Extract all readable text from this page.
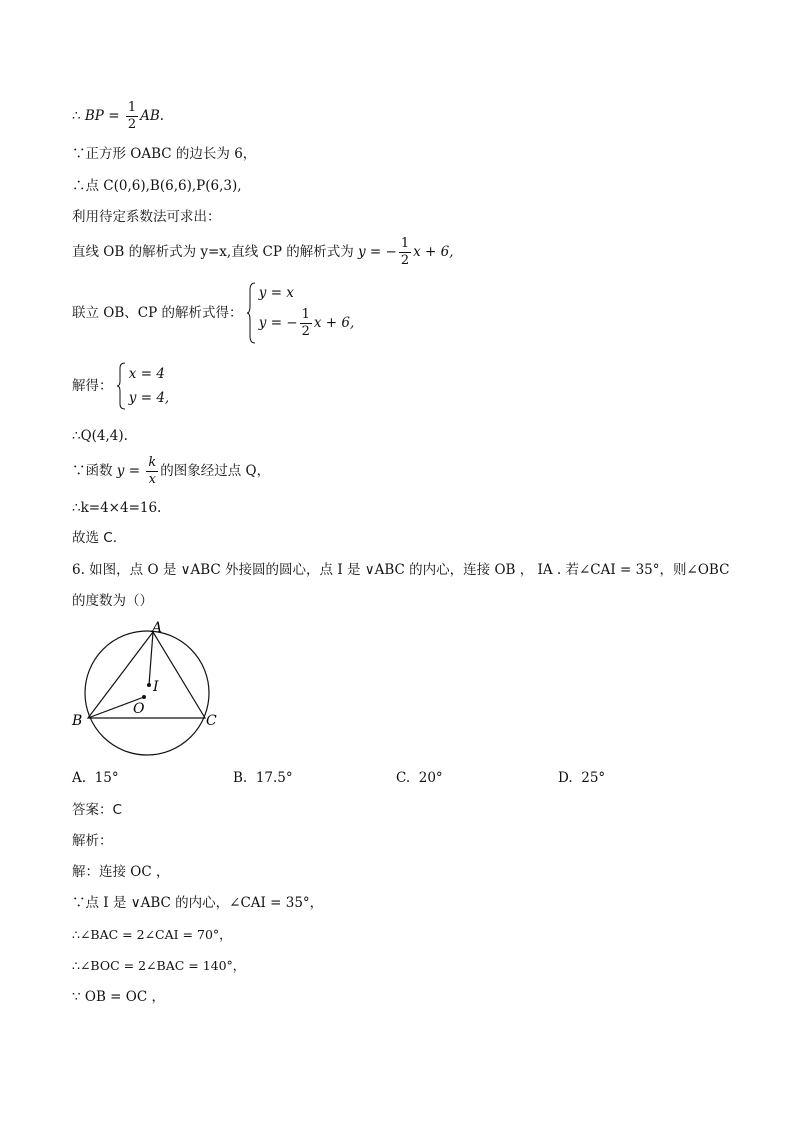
∴ BP = $\frac{1}{2}$ AB.
∵正方形 OABC 的边长为 6，
∴点 C(0,6),B(6,6),P(6,3),
利用待定系数法可求出：
直线 OB 的解析式为 y=x,直线 CP 的解析式为 y = − $\frac{1}{2}$ x + 6,
联立 OB、CP 的解析式得：
y = x
y = − $\frac{1}{2}$ x + 6,
解得：
x = 4
y = 4,
∴Q(4,4).
∵函数 $y = \frac{k}{x}$ 的图象经过点 Q，
∴k=4×4=16.
故选 C.
6. 如图，点 O 是 ∨ABC 外接圆的圆心，点 I 是 ∨ABC 的内心，连接 OB ， IA . 若∠CAI = 35°，则∠OBC
的度数为（）
A
B	C
O
I
A. 15°	B. 17.5°	C. 20°	D. 25°
答案：C
解析：
解：连接 OC ，
∵点 I 是 ∨ABC 的内心，∠CAI = 35°，
∴∠BAC = 2∠CAI = 70°，
∴∠BOC = 2∠BAC = 140°，
∵ OB = OC ，
